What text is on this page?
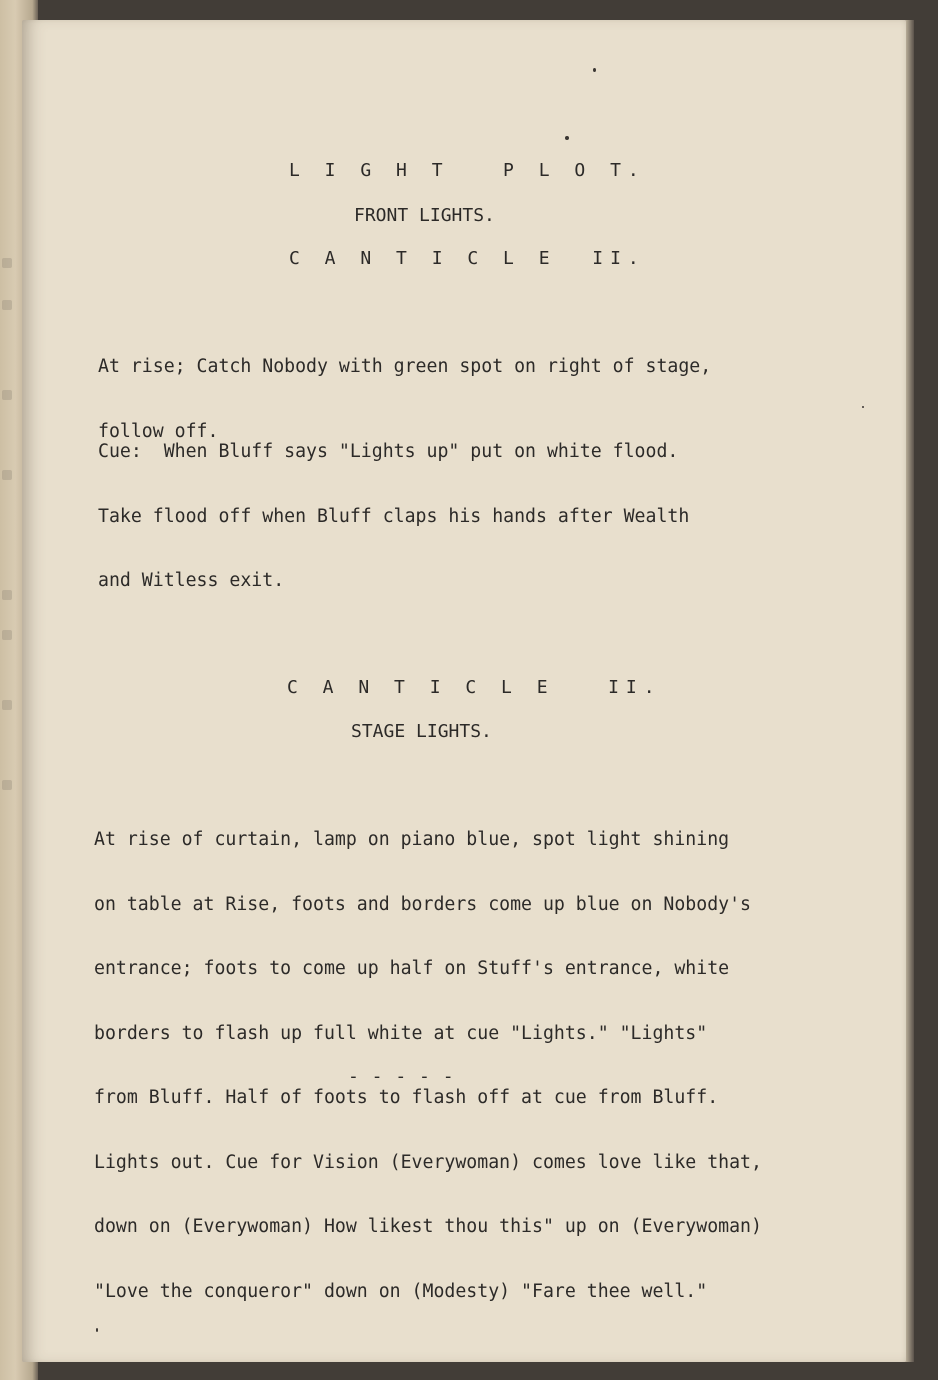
L I G H T   P L O T.

FRONT LIGHTS.

C A N T I C L E  II.

At rise; Catch Nobody with green spot on right of stage,

follow off.

Cue:  When Bluff says "Lights up" put on white flood.

Take flood off when Bluff claps his hands after Wealth

and Witless exit.

C A N T I C L E   II.

STAGE LIGHTS.

At rise of curtain, lamp on piano blue, spot light shining

on table at Rise, foots and borders come up blue on Nobody's

entrance; foots to come up half on Stuff's entrance, white

borders to flash up full white at cue "Lights." "Lights"

from Bluff. Half of foots to flash off at cue from Bluff.

Lights out. Cue for Vision (Everywoman) comes love like that,

down on (Everywoman) How likest thou this" up on (Everywoman)

"Love the conqueror" down on (Modesty) "Fare thee well."

- - - - -
